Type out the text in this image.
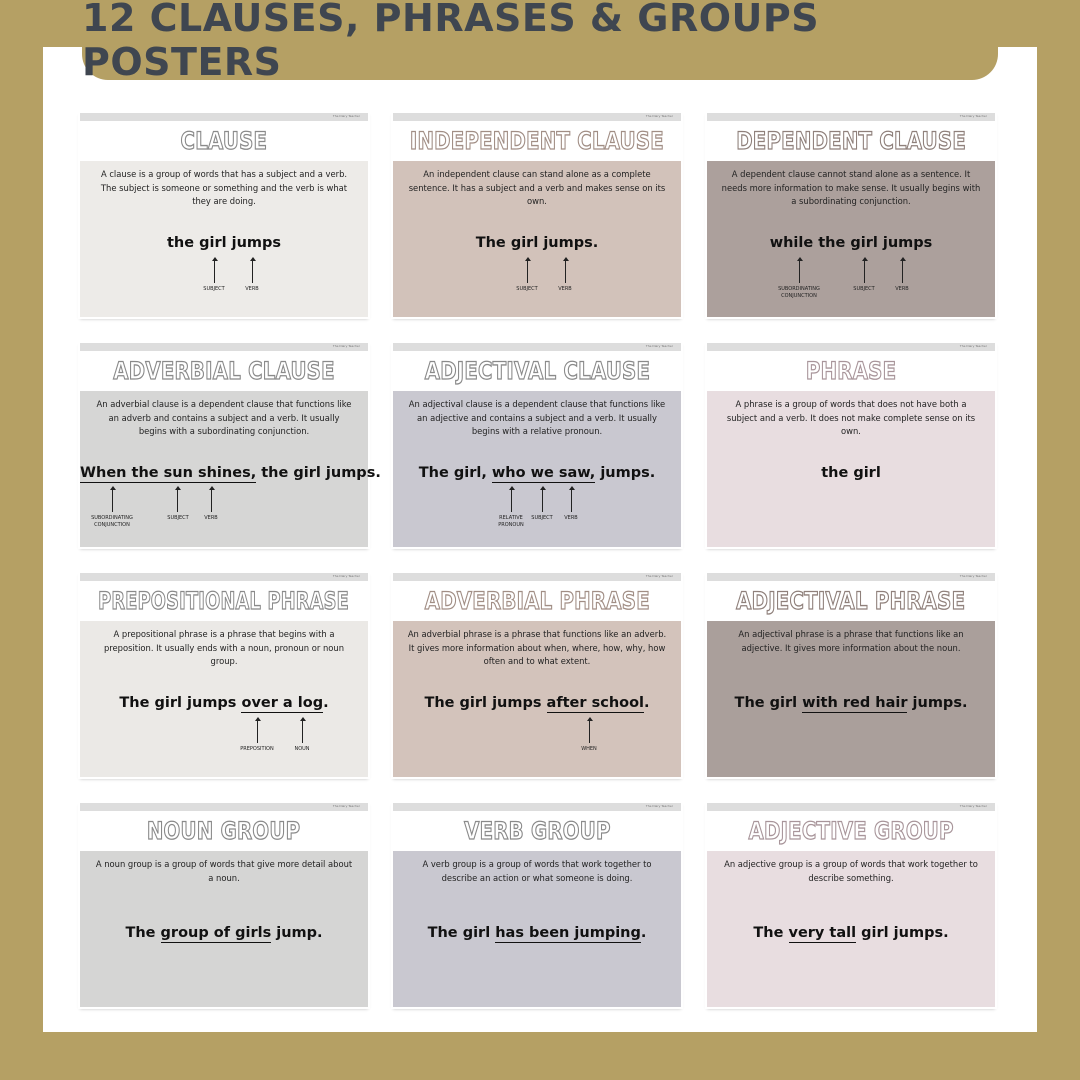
12 CLAUSES, PHRASES & GROUPS POSTERS
The Diary Teacher
CLAUSE
A clause is a group of words that has a subject and a verb. The subject is someone or something and the verb is what they are doing.
the girl jumps
SUBJECT	VERB
The Diary Teacher
INDEPENDENT CLAUSE
An independent clause can stand alone as a complete sentence. It has a subject and a verb and makes sense on its own.
The girl jumps.
SUBJECT	VERB
The Diary Teacher
DEPENDENT CLAUSE
A dependent clause cannot stand alone as a sentence. It needs more information to make sense. It usually begins with a subordinating conjunction.
while the girl jumps
SUBORDINATING CONJUNCTION
SUBJECT	VERB
The Diary Teacher
ADVERBIAL CLAUSE
An adverbial clause is a dependent clause that functions like an adverb and contains a subject and a verb. It usually begins with a subordinating conjunction.
When the sun shines, the girl jumps.
SUBORDINATING CONJUNCTION
SUBJECT	VERB
The Diary Teacher
ADJECTIVAL CLAUSE
An adjectival clause is a dependent clause that functions like an adjective and contains a subject and a verb. It usually begins with a relative pronoun.
The girl, who we saw, jumps.
RELATIVE PRONOUN
SUBJECT	VERB
The Diary Teacher
PHRASE
A phrase is a group of words that does not have both a subject and a verb. It does not make complete sense on its own.
the girl
The Diary Teacher
PREPOSITIONAL PHRASE
A prepositional phrase is a phrase that begins with a preposition. It usually ends with a noun, pronoun or noun group.
The girl jumps over a log.
PREPOSITION	NOUN
The Diary Teacher
ADVERBIAL PHRASE
An adverbial phrase is a phrase that functions like an adverb. It gives more information about when, where, how, why, how often and to what extent.
The girl jumps after school.
WHEN
The Diary Teacher
ADJECTIVAL PHRASE
An adjectival phrase is a phrase that functions like an adjective. It gives more information about the noun.
The girl with red hair jumps.
The Diary Teacher
NOUN GROUP
A noun group is a group of words that give more detail about a noun.
The group of girls jump.
The Diary Teacher
VERB GROUP
A verb group is a group of words that work together to describe an action or what someone is doing.
The girl has been jumping.
The Diary Teacher
ADJECTIVE GROUP
An adjective group is a group of words that work together to describe something.
The very tall girl jumps.
